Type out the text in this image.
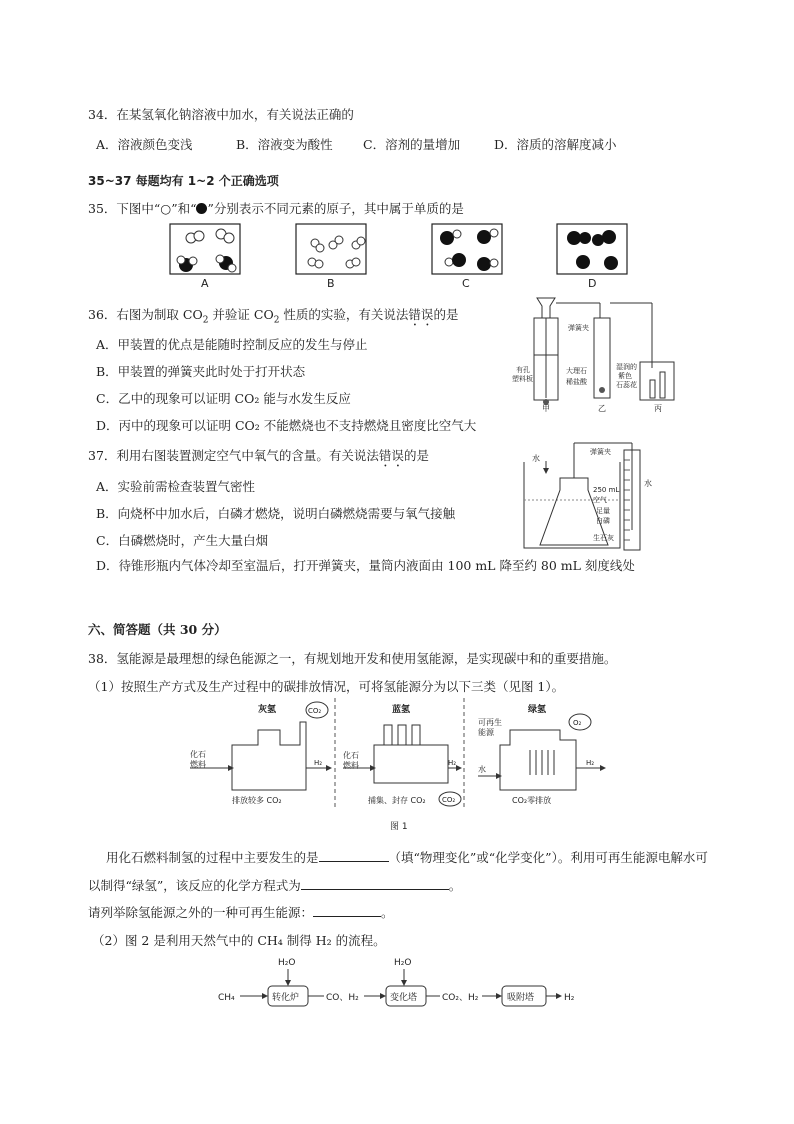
34．在某氢氧化钠溶液中加水，有关说法正确的
A．溶液颜色变浅	B．溶液变为酸性 C．溶剂的量增加	D．溶质的溶解度减小
35~37 每题均有 1~2 个正确选项
35．下图中“○”和“ ”分别表示不同元素的原子，其中属于单质的是
A	B	C	D
36．右图为制取 $CO_2$ 并验证 $CO_2$ 性质的实验，有关说法错误的是
A．甲装置的优点是能随时控制反应的发生与停止
B．甲装置的弹簧夹此时处于打开状态
C．乙中的现象可以证明 CO₂ 能与水发生反应
D．丙中的现象可以证明 CO₂ 不能燃烧也不支持燃烧且密度比空气大
弹簧夹
有孔塑料板
大理石
稀盐酸
湿润的紫色石蕊花
甲	乙	丙
37．利用右图装置测定空气中氧气的含量。有关说法错误的是
A．实验前需检查装置气密性
B．向烧杯中加水后，白磷才燃烧，说明白磷燃烧需要与氧气接触
C．白磷燃烧时，产生大量白烟
D．待锥形瓶内气体冷却至室温后，打开弹簧夹，量筒内液面由 100 mL 降至约 80 mL 刻度线处
水
弹簧夹
水
250 mL
空气
足量
白磷
生石灰
六、简答题（共 30 分）
38．氢能源是最理想的绿色能源之一，有规划地开发和使用氢能源，是实现碳中和的重要措施。
（1）按照生产方式及生产过程中的碳排放情况，可将氢能源分为以下三类（见图 1）。
灰氢	CO₂
化石燃料	H₂
排放较多 CO₂
蓝氢
化石燃料	H₂
捕集、封存 CO₂ CO₂
绿氢
O₂
可再生能源
水
H₂
CO₂零排放
图 1
用化石燃料制氢的过程中主要发生的是	（填“物理变化”或“化学变化”）。利用可再生能源电解水可
以制得“绿氢”，该反应的化学方程式为	。
请列举除氢能源之外的一种可再生能源：	。
（2）图 2 是利用天然气中的 CH₄ 制得 H₂ 的流程。
CH₄
H₂O
转化炉	CO、H₂
H₂O
变化塔	CO₂、H₂	吸附塔	H₂
